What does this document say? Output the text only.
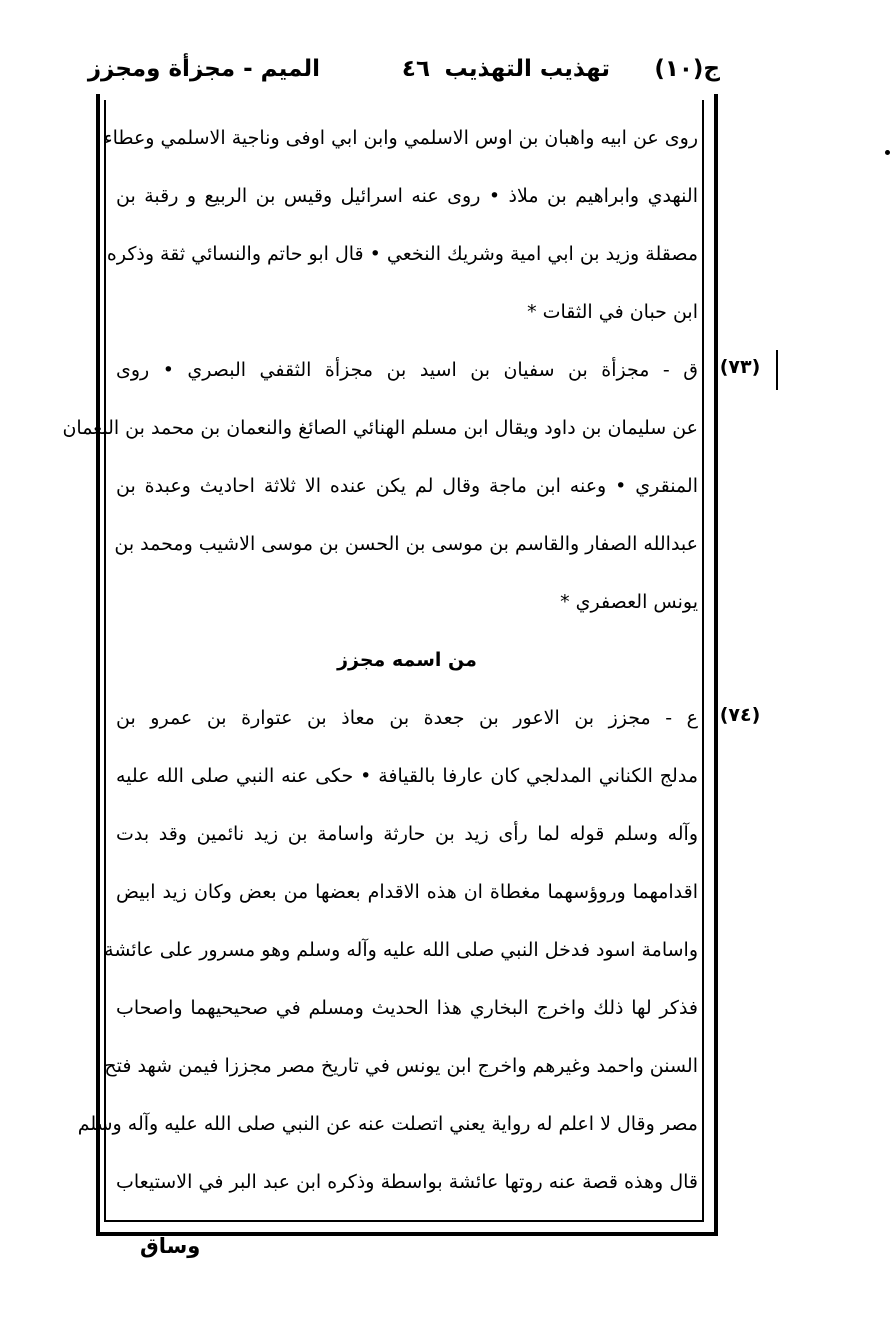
ج(١٠)
تهذيب التهذيب
٤٦
الميم - مجزأة ومجزز
روى عن ابيه واهبان بن اوس الاسلمي وابن ابي اوفى وناجية الاسلمي وعطاء
النهدي وابراهيم بن ملاذ • روى عنه اسرائيل وقيس بن الربيع و رقبة بن
مصقلة وزيد بن ابي امية وشريك النخعي • قال ابو حاتم والنسائي ثقة وذكره
ابن حبان في الثقات *
(٧٣)
ق - مجزأة بن سفيان بن اسيد بن مجزأة الثقفي البصري • روى
عن سليمان بن داود ويقال ابن مسلم الهنائي الصائغ والنعمان بن محمد بن النعمان
المنقري • وعنه ابن ماجة وقال لم يكن عنده الا ثلاثة احاديث وعبدة بن
عبدالله الصفار والقاسم بن موسى بن الحسن بن موسى الاشيب ومحمد بن
يونس العصفري *
من اسمه مجزز
(٧٤)
ع - مجزز بن الاعور بن جعدة بن معاذ بن عتوارة بن عمرو بن
مدلج الكناني المدلجي كان عارفا بالقيافة • حكى عنه النبي صلى الله عليه
وآله وسلم قوله لما رأى زيد بن حارثة واسامة بن زيد نائمين وقد بدت
اقدامهما وروؤسهما مغطاة ان هذه الاقدام بعضها من بعض وكان زيد ابيض
واسامة اسود فدخل النبي صلى الله عليه وآله وسلم وهو مسرور على عائشة
فذكر لها ذلك واخرج البخاري هذا الحديث ومسلم في صحيحيهما واصحاب
السنن واحمد وغيرهم واخرج ابن يونس في تاريخ مصر مجززا فيمن شهد فتح
مصر وقال لا اعلم له رواية يعني اتصلت عنه عن النبي صلى الله عليه وآله وسلم
قال وهذه قصة عنه روتها عائشة بواسطة وذكره ابن عبد البر في الاستيعاب
وساق
